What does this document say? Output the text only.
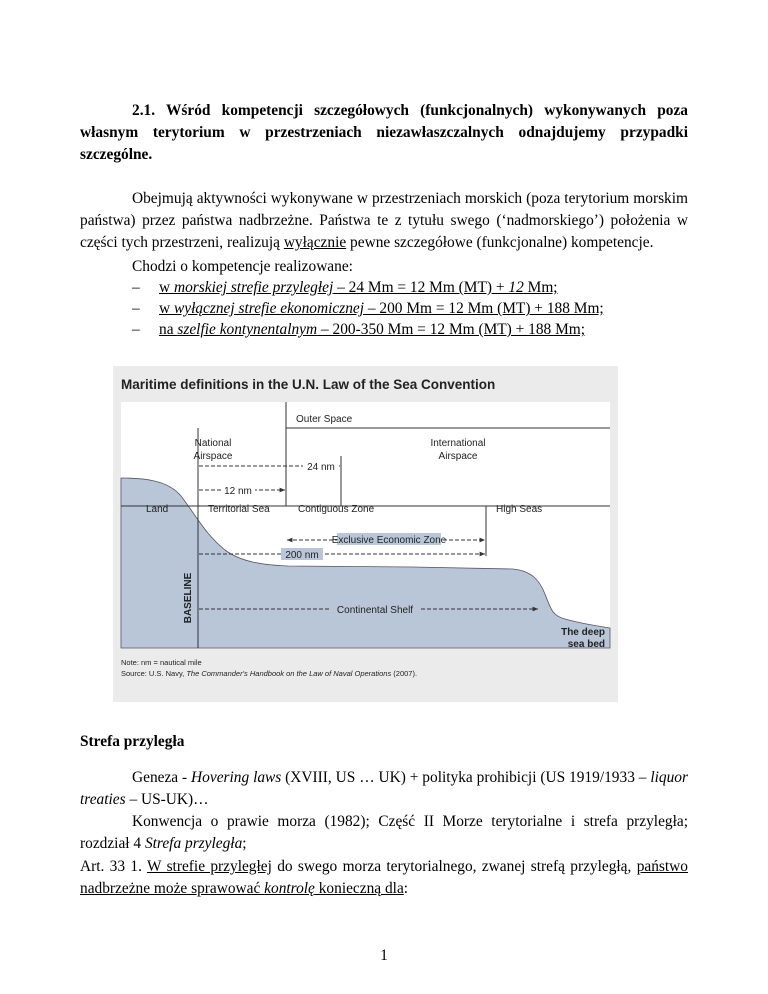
2.1. Wśród kompetencji szczegółowych (funkcjonalnych) wykonywanych poza własnym terytorium w przestrzeniach niezawłaszczalnych odnajdujemy przypadki szczególne.
Obejmują aktywności wykonywane w przestrzeniach morskich (poza terytorium morskim państwa) przez państwa nadbrzeżne. Państwa te z tytułu swego (‘nadmorskiego’) położenia w części tych przestrzeni, realizują wyłącznie pewne szczegółowe (funkcjonalne) kompetencje.
Chodzi o kompetencje realizowane:
–	w morskiej strefie przyległej – 24 Mm = 12 Mm (MT) + 12 Mm;
–	w wyłącznej strefie ekonomicznej – 200 Mm = 12 Mm (MT) + 188 Mm;
–	na szelfie kontynentalnym – 200-350 Mm = 12 Mm (MT) + 188 Mm;
Maritime definitions in the U.N. Law of the Sea Convention
Outer Space
National
Airspace
International
Airspace
24 nm
12 nm
Land	Territorial Sea	Contiguous Zone	High Seas
Exclusive Economic Zone
200 nm
BASELINE	Continental Shelf
The deep
sea bed
Note: nm = nautical mile
Source: U.S. Navy, The Commander's Handbook on the Law of Naval Operations (2007).
Strefa przyległa
Geneza - Hovering laws (XVIII, US … UK) + polityka prohibicji (US 1919/1933 – liquor treaties – US-UK)…
Konwencja o prawie morza (1982); Część II Morze terytorialne i strefa przyległa; rozdział 4 Strefa przyległa;
Art. 33 1. W strefie przyległej do swego morza terytorialnego, zwanej strefą przyległą, państwo nadbrzeżne może sprawować kontrolę konieczną dla:
1
